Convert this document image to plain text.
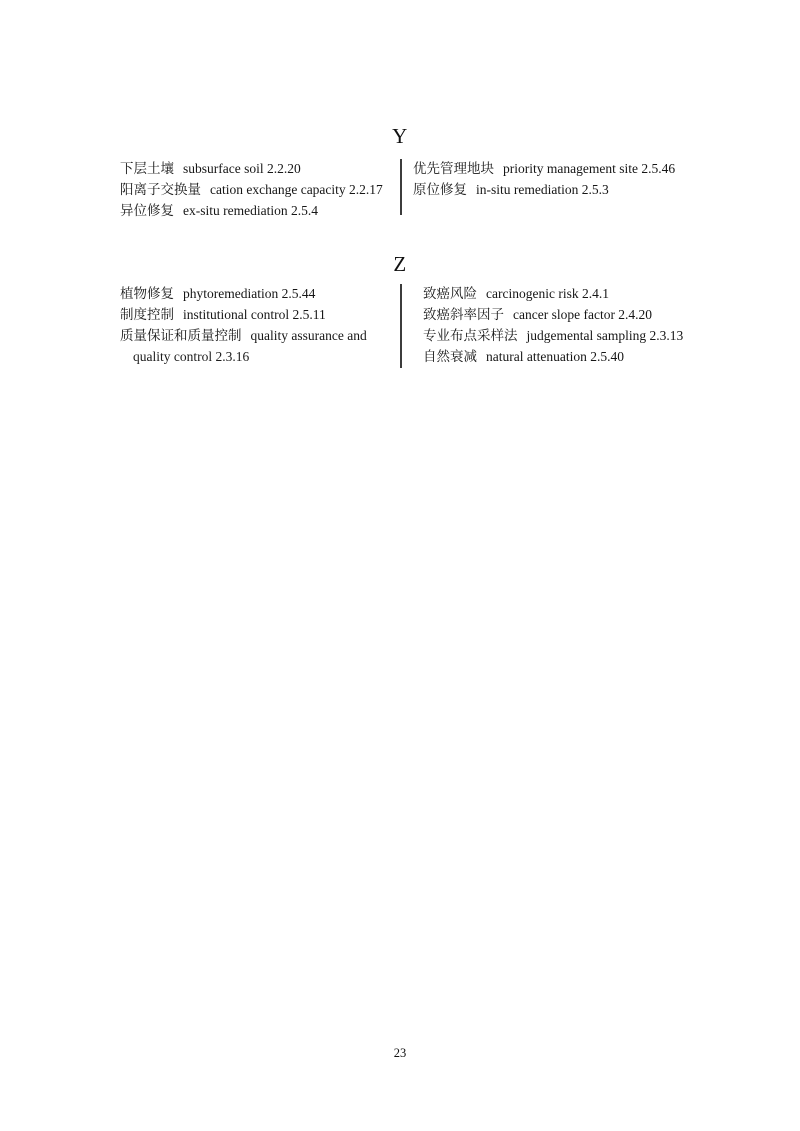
Y
下层土壤 subsurface soil 2.2.20
阳离子交换量 cation exchange capacity 2.2.17
异位修复 ex-situ remediation 2.5.4
优先管理地块 priority management site 2.5.46
原位修复 in-situ remediation 2.5.3
Z
植物修复 phytoremediation 2.5.44
制度控制 institutional control 2.5.11
质量保证和质量控制 quality assurance and
quality control 2.3.16
致癌风险 carcinogenic risk 2.4.1
致癌斜率因子 cancer slope factor 2.4.20
专业布点采样法 judgemental sampling 2.3.13
自然衰减 natural attenuation 2.5.40
23
